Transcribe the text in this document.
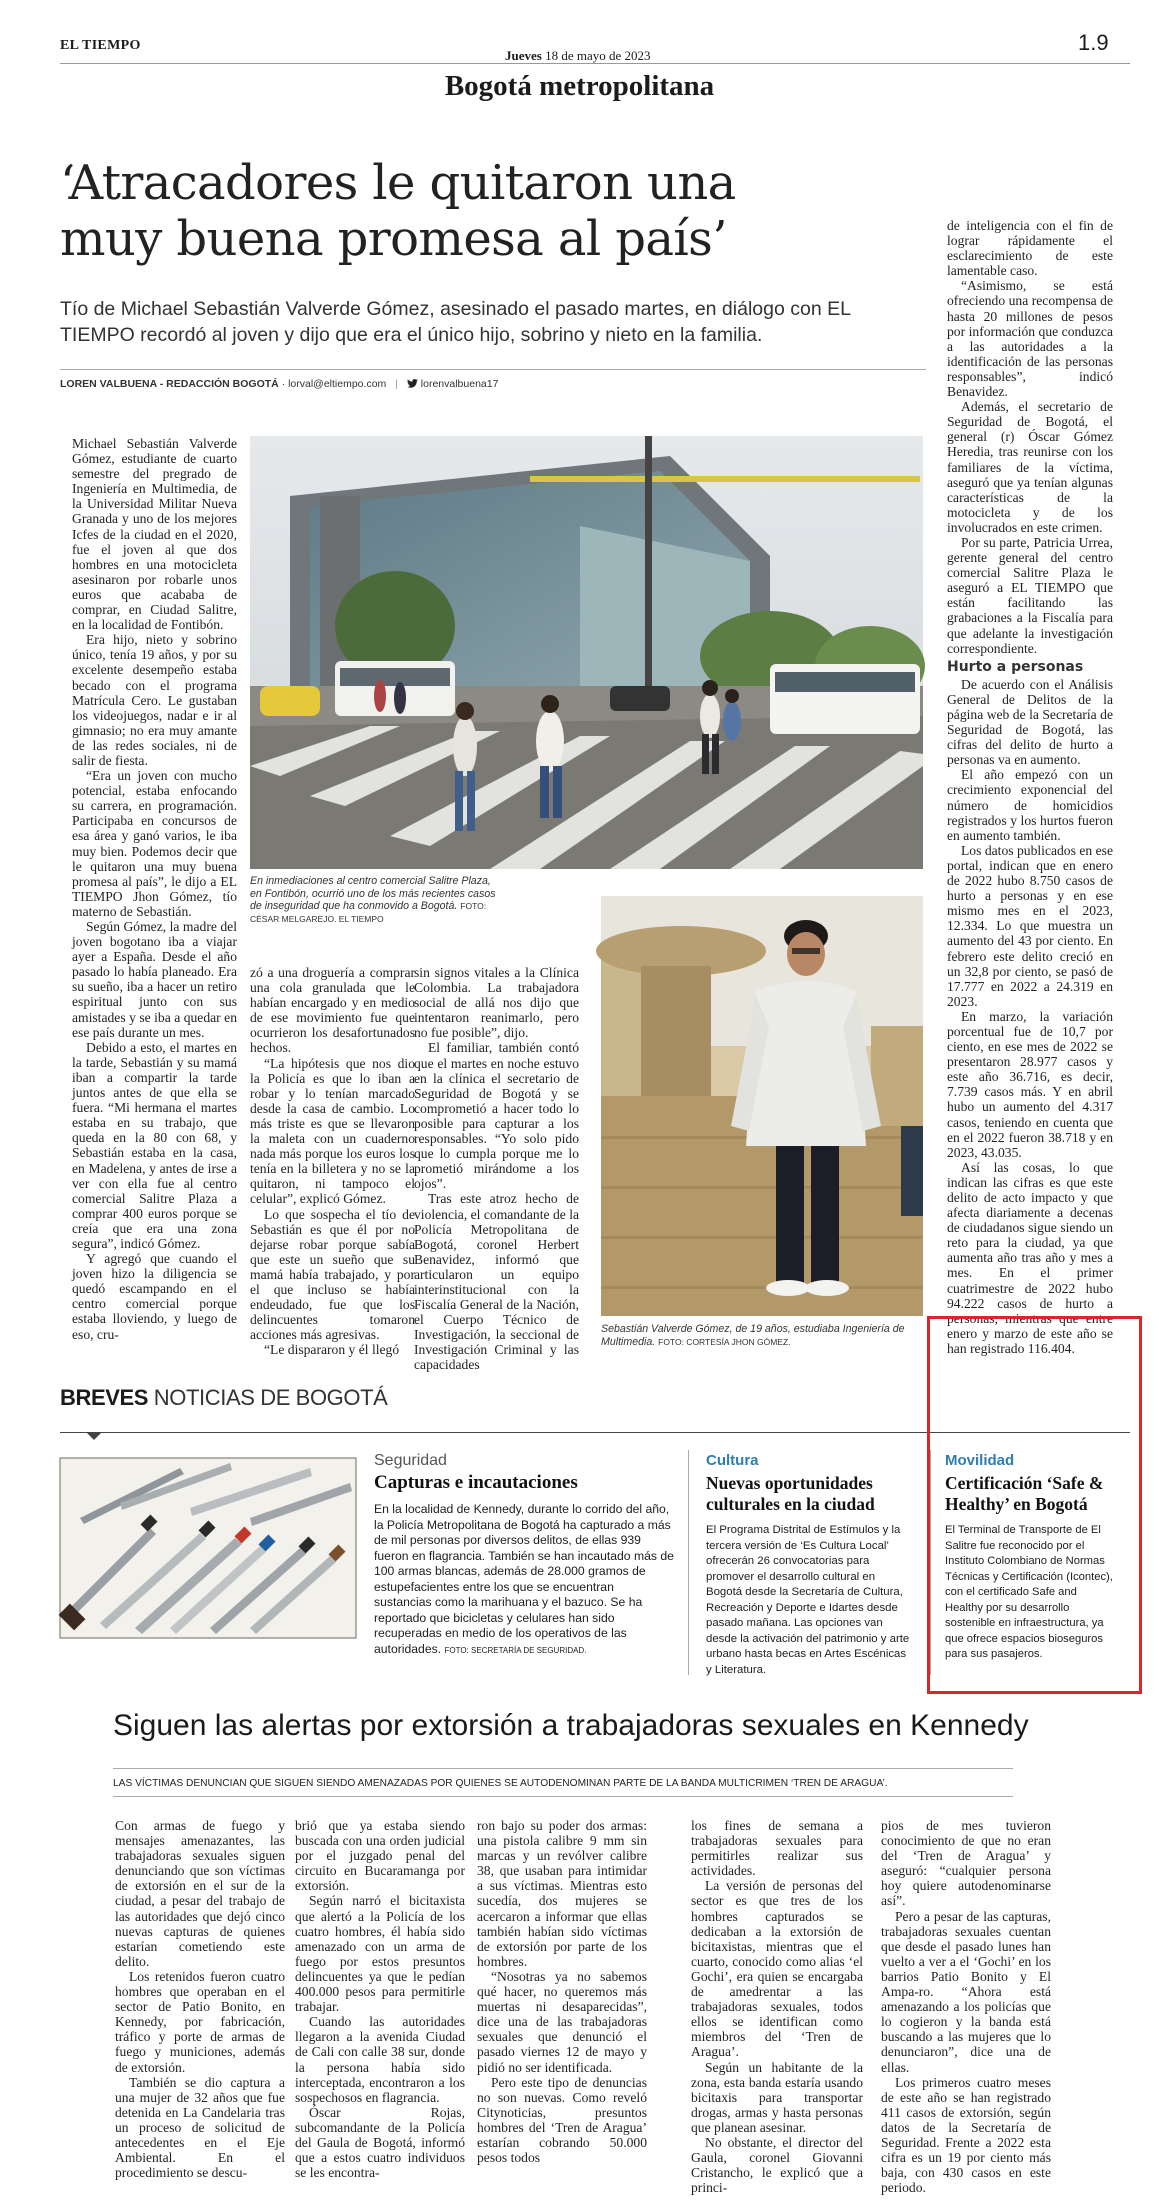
EL TIEMPO
Jueves 18 de mayo de 2023
1.9
Bogotá metropolitana
‘Atracadores le quitaron una
muy buena promesa al país’
Tío de Michael Sebastián Valverde Gómez, asesinado el pasado martes, en diálogo con EL TIEMPO recordó al joven y dijo que era el único hijo, sobrino y nieto en la familia.
LOREN VALBUENA - REDACCIÓN BOGOTÁ · lorval@eltiempo.com | lorenvalbuena17

Michael Sebastián Valverde Gómez, estudiante de cuarto semestre del pregrado de Ingeniería en Multimedia, de la Universidad Militar Nueva Granada y uno de los mejores Icfes de la ciudad en el 2020, fue el joven al que dos hombres en una motocicleta asesinaron por robarle unos euros que acababa de comprar, en Ciudad Salitre, en la localidad de Fontibón.

Era hijo, nieto y sobrino único, tenía 19 años, y por su excelente desempeño estaba becado con el programa Matrícula Cero. Le gustaban los videojuegos, nadar e ir al gimnasio; no era muy amante de las redes sociales, ni de salir de fiesta.

“Era un joven con mucho potencial, estaba enfocando su carrera, en programación. Participaba en concursos de esa área y ganó varios, le iba muy bien. Podemos decir que le quitaron una muy buena promesa al país”, le dijo a EL TIEMPO Jhon Gómez, tío materno de Sebastián.

Según Gómez, la madre del joven bogotano iba a viajar ayer a España. Desde el año pasado lo había planeado. Era su sueño, iba a hacer un retiro espiritual junto con sus amistades y se iba a quedar en ese país durante un mes.

Debido a esto, el martes en la tarde, Sebastián y su mamá iban a compartir la tarde juntos antes de que ella se fuera. “Mi hermana el martes estaba en su trabajo, que queda en la 80 con 68, y Sebastián estaba en la casa, en Madelena, y antes de irse a ver con ella fue al centro comercial Salitre Plaza a comprar 400 euros porque se creía que era una zona segura”, indicó Gómez.

Y agregó que cuando el joven hizo la diligencia se quedó escampando en el centro comercial porque estaba lloviendo, y luego de eso, cru-

En inmediaciones al centro comercial Salitre Plaza, en Fontibón, ocurrió uno de los más recientes casos de inseguridad que ha conmovido a Bogotá. FOTO: CÉSAR MELGAREJO. EL TIEMPO

zó a una droguería a comprar una cola granulada que le habían encargado y en medio de ese movimiento fue que ocurrieron los desafortunados hechos.

“La hipótesis que nos dio la Policía es que lo iban a robar y lo tenían marcado desde la casa de cambio. Lo más triste es que se llevaron la maleta con un cuaderno nada más porque los euros los tenía en la billetera y no se la quitaron, ni tampoco el celular”, explicó Gómez.

Lo que sospecha el tío de Sebastián es que él por no dejarse robar porque sabía que este un sueño que su mamá había trabajado, y por el que incluso se había endeudado, fue que los delincuentes tomaron acciones más agresivas.

“Le dispararon y él llegó

sin signos vitales a la Clínica Colombia. La trabajadora social de allá nos dijo que intentaron reanimarlo, pero no fue posible”, dijo.

El familiar, también contó que el martes en noche estuvo en la clínica el secretario de Seguridad de Bogotá y se comprometió a hacer todo lo posible para capturar a los responsables. “Yo solo pido que lo cumpla porque me lo prometió mirándome a los ojos”.

Tras este atroz hecho de violencia, el comandante de la Policía Metropolitana de Bogotá, coronel Herbert Benavidez, informó que articularon un equipo interinstitucional con la Fiscalía General de la Nación, el Cuerpo Técnico de Investigación, la seccional de Investigación Criminal y las capacidades

Sebastián Valverde Gómez, de 19 años, estudiaba Ingeniería de Multimedia. FOTO: CORTESÍA JHON GÓMEZ.

de inteligencia con el fin de lograr rápidamente el esclarecimiento de este lamentable caso.

“Asimismo, se está ofreciendo una recompensa de hasta 20 millones de pesos por información que conduzca a las autoridades a la identificación de las personas responsables”, indicó Benavidez.

Además, el secretario de Seguridad de Bogotá, el general (r) Óscar Gómez Heredia, tras reunirse con los familiares de la víctima, aseguró que ya tenían algunas características de la motocicleta y de los involucrados en este crimen.

Por su parte, Patricia Urrea, gerente general del centro comercial Salitre Plaza le aseguró a EL TIEMPO que están facilitando las grabaciones a la Fiscalía para que adelante la investigación correspondiente.

Hurto a personas

De acuerdo con el Análisis General de Delitos de la página web de la Secretaría de Seguridad de Bogotá, las cifras del delito de hurto a personas va en aumento.

El año empezó con un crecimiento exponencial del número de homicidios registrados y los hurtos fueron en aumento también.

Los datos publicados en ese portal, indican que en enero de 2022 hubo 8.750 casos de hurto a personas y en ese mismo mes en el 2023, 12.334. Lo que muestra un aumento del 43 por ciento. En febrero este delito creció en un 32,8 por ciento, se pasó de 17.777 en 2022 a 24.319 en 2023.

En marzo, la variación porcentual fue de 10,7 por ciento, en ese mes de 2022 se presentaron 28.977 casos y este año 36.716, es decir, 7.739 casos más. Y en abril hubo un aumento del 4.317 casos, teniendo en cuenta que en el 2022 fueron 38.718 y en 2023, 43.035.

Así las cosas, lo que indican las cifras es que este delito de acto impacto y que afecta diariamente a decenas de ciudadanos sigue siendo un reto para la ciudad, ya que aumenta año tras año y mes a mes. En el primer cuatrimestre de 2022 hubo 94.222 casos de hurto a personas, mientras que entre enero y marzo de este año se han registrado 116.404.

BREVES NOTICIAS DE BOGOTÁ
Seguridad
Capturas e incautaciones
En la localidad de Kennedy, durante lo corrido del año, la Policía Metropolitana de Bogotá ha capturado a más de mil personas por diversos delitos, de ellas 939 fueron en flagrancia. También se han incautado más de 100 armas blancas, además de 28.000 gramos de estupefacientes entre los que se encuentran sustancias como la marihuana y el bazuco. Se ha reportado que bicicletas y celulares han sido recuperadas en medio de los operativos de las autoridades. FOTO: SECRETARÍA DE SEGURIDAD.
Cultura
Nuevas oportunidades culturales en la ciudad
El Programa Distrital de Estímulos y la tercera versión de ‘Es Cultura Local’ ofrecerán 26 convocatorias para promover el desarrollo cultural en Bogotá desde la Secretaría de Cultura, Recreación y Deporte e Idartes desde pasado mañana. Las opciones van desde la activación del patrimonio y arte urbano hasta becas en Artes Escénicas y Literatura.
Movilidad
Certificación ‘Safe & Healthy’ en Bogotá
El Terminal de Transporte de El Salitre fue reconocido por el Instituto Colombiano de Normas Técnicas y Certificación (Icontec), con el certificado Safe and Healthy por su desarrollo sostenible en infraestructura, ya que ofrece espacios bioseguros para sus pasajeros.
Siguen las alertas por extorsión a trabajadoras sexuales en Kennedy
LAS VÍCTIMAS DENUNCIAN QUE SIGUEN SIENDO AMENAZADAS POR QUIENES SE AUTODENOMINAN PARTE DE LA BANDA MULTICRIMEN ‘TREN DE ARAGUA’.

Con armas de fuego y mensajes amenazantes, las trabajadoras sexuales siguen denunciando que son víctimas de extorsión en el sur de la ciudad, a pesar del trabajo de las autoridades que dejó cinco nuevas capturas de quienes estarían cometiendo este delito.

Los retenidos fueron cuatro hombres que operaban en el sector de Patio Bonito, en Kennedy, por fabricación, tráfico y porte de armas de fuego y municiones, además de extorsión.

También se dio captura a una mujer de 32 años que fue detenida en La Candelaria tras un proceso de solicitud de antecedentes en el Eje Ambiental. En el procedimiento se descu-

brió que ya estaba siendo buscada con una orden judicial por el juzgado penal del circuito en Bucaramanga por extorsión.

Según narró el bicitaxista que alertó a la Policía de los cuatro hombres, él había sido amenazado con un arma de fuego por estos presuntos delincuentes ya que le pedían 400.000 pesos para permitirle trabajar.

Cuando las autoridades llegaron a la avenida Ciudad de Cali con calle 38 sur, donde la persona había sido interceptada, encontraron a los sospechosos en flagrancia.

Óscar Rojas, subcomandante de la Policía del Gaula de Bogotá, informó que a estos cuatro individuos se les encontra-

ron bajo su poder dos armas: una pistola calibre 9 mm sin marcas y un revólver calibre 38, que usaban para intimidar a sus víctimas. Mientras esto sucedía, dos mujeres se acercaron a informar que ellas también habían sido víctimas de extorsión por parte de los hombres.

“Nosotras ya no sabemos qué hacer, no queremos más muertas ni desaparecidas”, dice una de las trabajadoras sexuales que denunció el pasado viernes 12 de mayo y pidió no ser identificada.

Pero este tipo de denuncias no son nuevas. Como reveló Citynoticias, presuntos hombres del ‘Tren de Aragua’ estarían cobrando 50.000 pesos todos

los fines de semana a trabajadoras sexuales para permitirles realizar sus actividades.

La versión de personas del sector es que tres de los hombres capturados se dedicaban a la extorsión de bicitaxistas, mientras que el cuarto, conocido como alias ‘el Gochi’, era quien se encargaba de amedrentar a las trabajadoras sexuales, todos ellos se identifican como miembros del ‘Tren de Aragua’.

Según un habitante de la zona, esta banda estaría usando bicitaxis para transportar drogas, armas y hasta personas que planean asesinar.

No obstante, el director del Gaula, coronel Giovanni Cristancho, le explicó que a princi-

pios de mes tuvieron conocimiento de que no eran del ‘Tren de Aragua’ y aseguró: “cualquier persona hoy quiere autodenominarse así”.

Pero a pesar de las capturas, trabajadoras sexuales cuentan que desde el pasado lunes han vuelto a ver a el ‘Gochi’ en los barrios Patio Bonito y El Ampa-ro. “Ahora está amenazando a los policías que lo cogieron y la banda está buscando a las mujeres que lo denunciaron”, dice una de ellas.

Los primeros cuatro meses de este año se han registrado 411 casos de extorsión, según datos de la Secretaría de Seguridad. Frente a 2022 esta cifra es un 19 por ciento más baja, con 430 casos en este periodo.
